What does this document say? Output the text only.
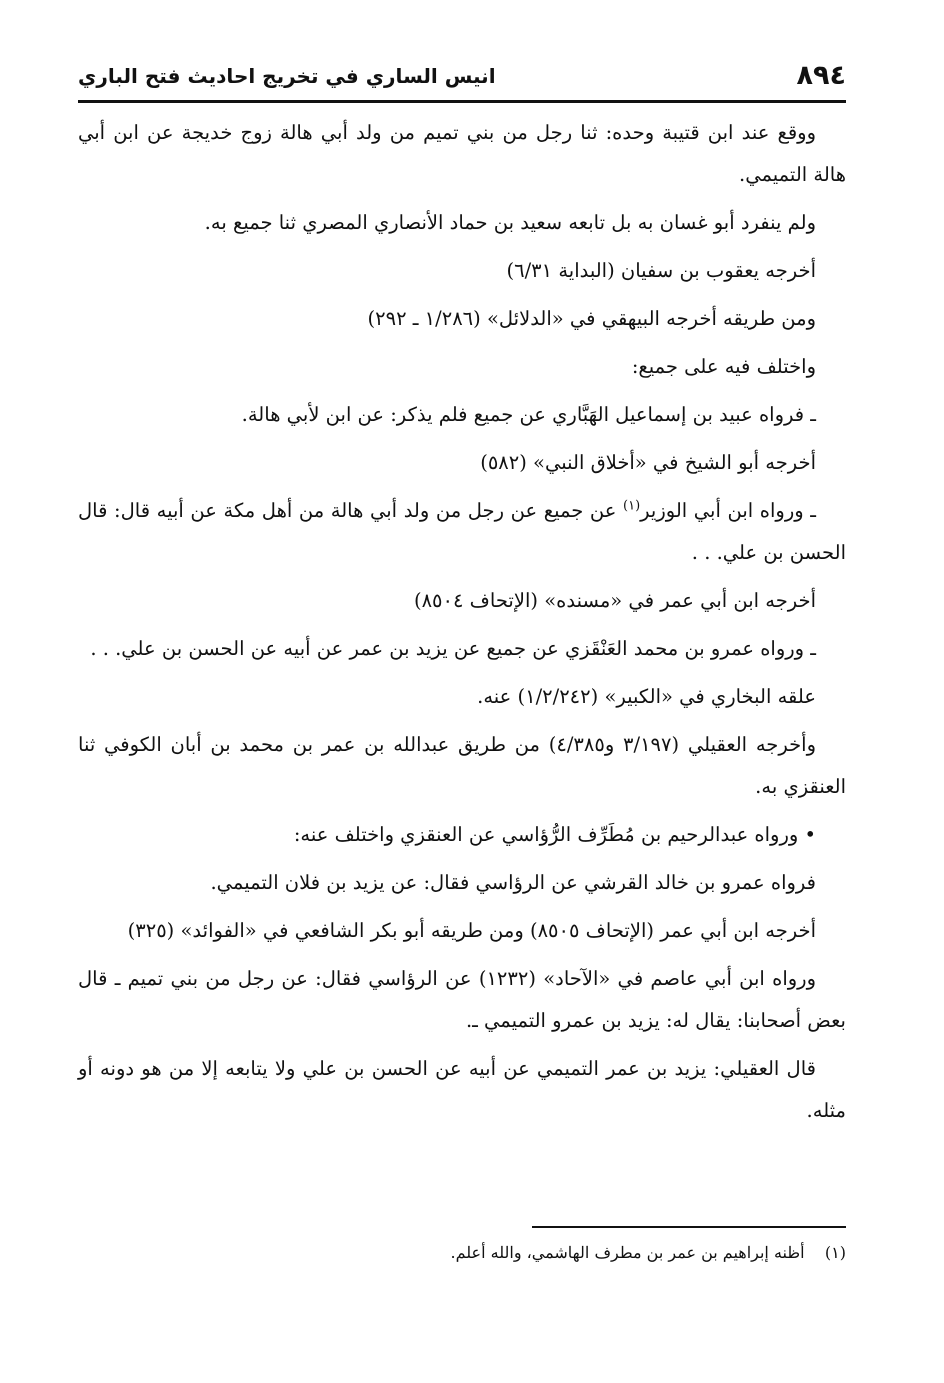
٨٩٤
انيس الساري في تخريج احاديث فتح الباري

ووقع عند ابن قتيبة وحده: ثنا رجل من بني تميم من ولد أبي هالة زوج خديجة عن ابن أبي هالة التميمي.

ولم ينفرد أبو غسان به بل تابعه سعيد بن حماد الأنصاري المصري ثنا جميع به.

أخرجه يعقوب بن سفيان (البداية ٦/٣١)

ومن طريقه أخرجه البيهقي في «الدلائل» (١/٢٨٦ ـ ٢٩٢)

واختلف فيه على جميع:

ـ فرواه عبيد بن إسماعيل الهَبَّاري عن جميع فلم يذكر: عن ابن لأبي هالة.

أخرجه أبو الشيخ في «أخلاق النبي» (٥٨٢)

ـ ورواه ابن أبي الوزير$^{(١)}$ عن جميع عن رجل من ولد أبي هالة من أهل مكة عن أبيه قال: قال الحسن بن علي. . .

أخرجه ابن أبي عمر في «مسنده» (الإتحاف ٨٥٠٤)

ـ ورواه عمرو بن محمد العَنْقَزي عن جميع عن يزيد بن عمر عن أبيه عن الحسن بن علي. . .

علقه البخاري في «الكبير» (١/٢/٢٤٢) عنه.

وأخرجه العقيلي (٣/١٩٧ و٤/٣٨٥) من طريق عبدالله بن عمر بن محمد بن أبان الكوفي ثنا العنقزي به.

• ورواه عبدالرحيم بن مُطَرِّف الرُّؤاسي عن العنقزي واختلف عنه:

فرواه عمرو بن خالد القرشي عن الرؤاسي فقال: عن يزيد بن فلان التميمي.

أخرجه ابن أبي عمر (الإتحاف ٨٥٠٥) ومن طريقه أبو بكر الشافعي في «الفوائد» (٣٢٥)

ورواه ابن أبي عاصم في «الآحاد» (١٢٣٢) عن الرؤاسي فقال: عن رجل من بني تميم ـ قال بعض أصحابنا: يقال له: يزيد بن عمرو التميمي ـ.

قال العقيلي: يزيد بن عمر التميمي عن أبيه عن الحسن بن علي ولا يتابعه إلا من هو دونه أو مثله.

(١)    أظنه إبراهيم بن عمر بن مطرف الهاشمي، والله أعلم.
